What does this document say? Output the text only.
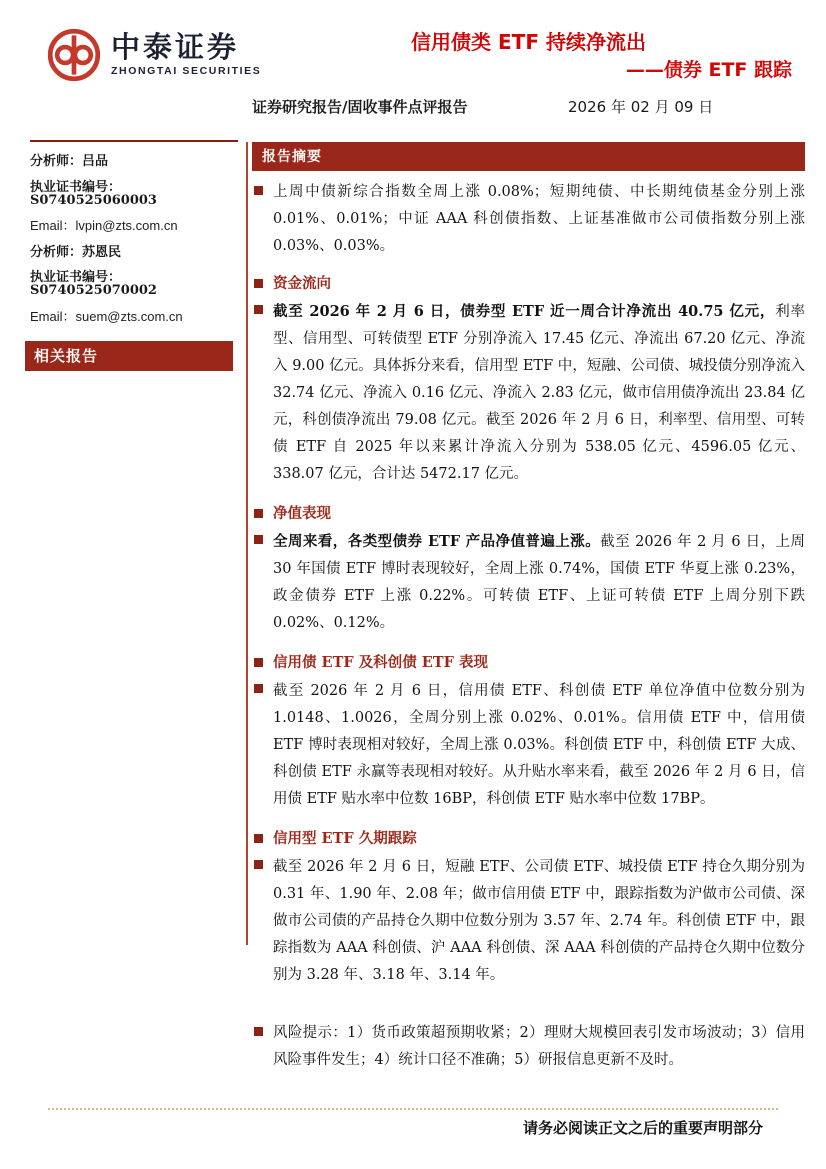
中泰证券
ZHONGTAI SECURITIES
信用债类 ETF 持续净流出
——债券 ETF 跟踪
证券研究报告/固收事件点评报告	2026 年 02 月 09 日
分析师：吕品
执业证书编号：S0740525060003
Email：lvpin@zts.com.cn
分析师：苏恩民
执业证书编号：S0740525070002
Email：suem@zts.com.cn
相关报告
报告摘要
上周中债新综合指数全周上涨 0.08%；短期纯债、中长期纯债基金分别上涨 0.01%、0.01%；中证 AAA 科创债指数、上证基准做市公司债指数分别上涨 0.03%、0.03%。
资金流向
截至 2026 年 2 月 6 日，债券型 ETF 近一周合计净流出 40.75 亿元，利率型、信用型、可转债型 ETF 分别净流入 17.45 亿元、净流出 67.20 亿元、净流入 9.00 亿元。具体拆分来看，信用型 ETF 中，短融、公司债、城投债分别净流入 32.74 亿元、净流入 0.16 亿元、净流入 2.83 亿元，做市信用债净流出 23.84 亿元，科创债净流出 79.08 亿元。截至 2026 年 2 月 6 日，利率型、信用型、可转债 ETF 自 2025 年以来累计净流入分别为 538.05 亿元、4596.05 亿元、338.07 亿元，合计达 5472.17 亿元。
净值表现
全周来看，各类型债券 ETF 产品净值普遍上涨。截至 2026 年 2 月 6 日，上周 30 年国债 ETF 博时表现较好，全周上涨 0.74%，国债 ETF 华夏上涨 0.23%，政金债券 ETF 上涨 0.22%。可转债 ETF、上证可转债 ETF 上周分别下跌 0.02%、0.12%。
信用债 ETF 及科创债 ETF 表现
截至 2026 年 2 月 6 日，信用债 ETF、科创债 ETF 单位净值中位数分别为 1.0148、1.0026，全周分别上涨 0.02%、0.01%。信用债 ETF 中，信用债 ETF 博时表现相对较好，全周上涨 0.03%。科创债 ETF 中，科创债 ETF 大成、科创债 ETF 永赢等表现相对较好。从升贴水率来看，截至 2026 年 2 月 6 日，信用债 ETF 贴水率中位数 16BP，科创债 ETF 贴水率中位数 17BP。
信用型 ETF 久期跟踪
截至 2026 年 2 月 6 日，短融 ETF、公司债 ETF、城投债 ETF 持仓久期分别为 0.31 年、1.90 年、2.08 年；做市信用债 ETF 中，跟踪指数为沪做市公司债、深做市公司债的产品持仓久期中位数分别为 3.57 年、2.74 年。科创债 ETF 中，跟踪指数为 AAA 科创债、沪 AAA 科创债、深 AAA 科创债的产品持仓久期中位数分别为 3.28 年、3.18 年、3.14 年。
风险提示：1）货币政策超预期收紧；2）理财大规模回表引发市场波动；3）信用风险事件发生；4）统计口径不准确；5）研报信息更新不及时。
请务必阅读正文之后的重要声明部分
